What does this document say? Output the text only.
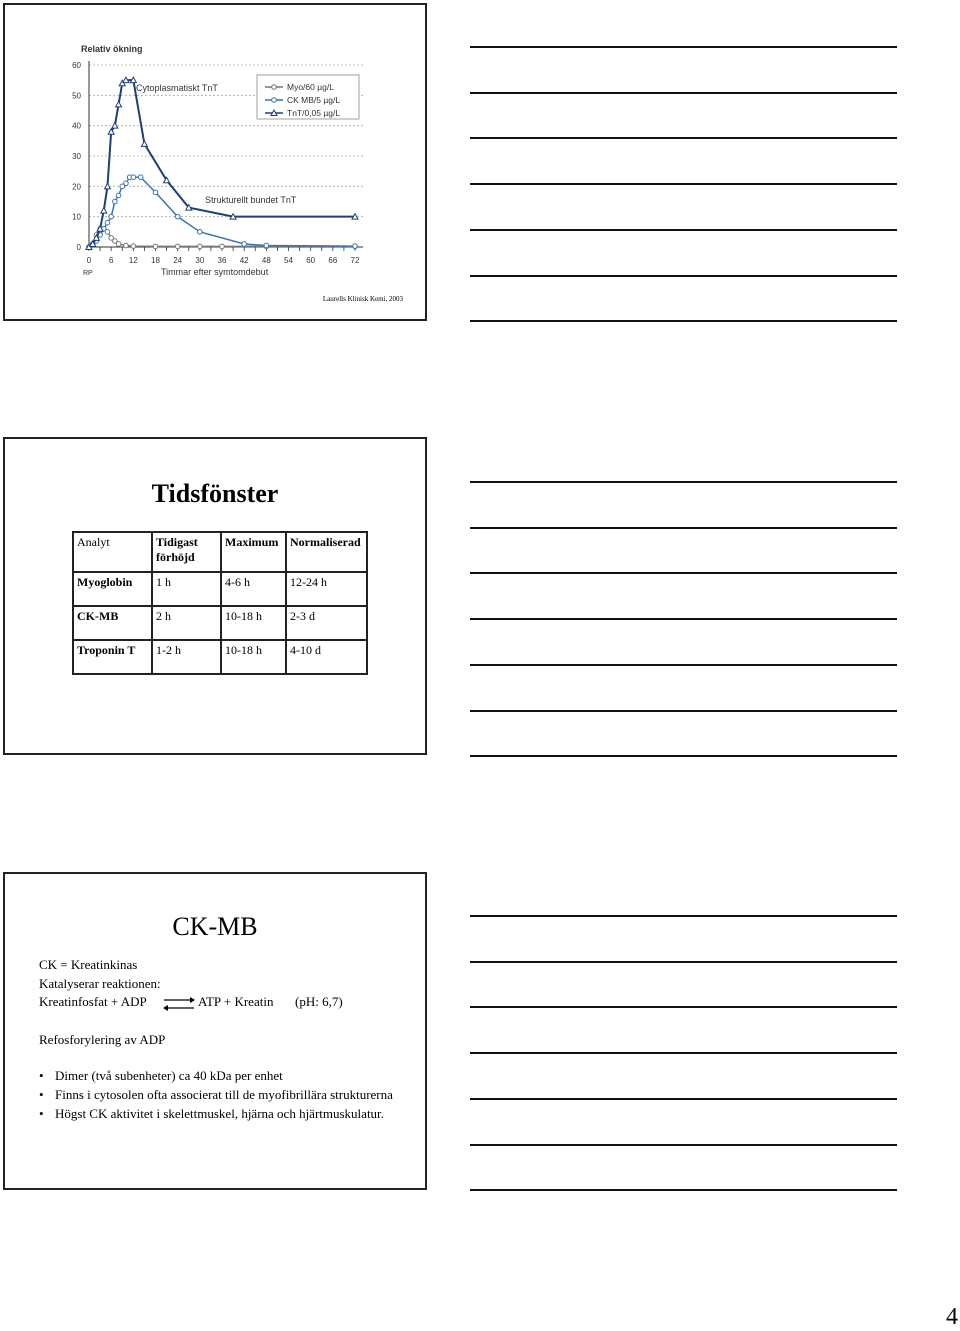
0
10
20
30
40
50
60
0 6 12 18 24 30 36 42 48 54 60 66 72
Relativ ökning
Timmar efter symtomdebut
RP
Cytoplasmatiskt TnT
Strukturellt bundet TnT
Myo/60 µg/L
CK MB/5 µg/L
TnT/0,05 µg/L
Laurells Klinisk Kemi, 2003
Tidsfönster
Analyt	Tidigast förhöjd	Maximum	Normaliserad
Myoglobin	1 h	4-6 h	12-24 h
CK-MB	2 h	10-18 h	2-3 d
Troponin T	1-2 h	10-18 h	4-10 d
CK-MB
CK = Kreatinkinas
Katalyserar reaktionen:
Kreatinfosfat + ADP ⇌ ATP + Kreatin (pH: 6,7)
Refosforylering av ADP
• Dimer (två subenheter) ca 40 kDa per enhet
• Finns i cytosolen ofta associerat till de myofibrillära strukturerna
• Högst CK aktivitet i skelettmuskel, hjärna och hjärtmuskulatur.
4
